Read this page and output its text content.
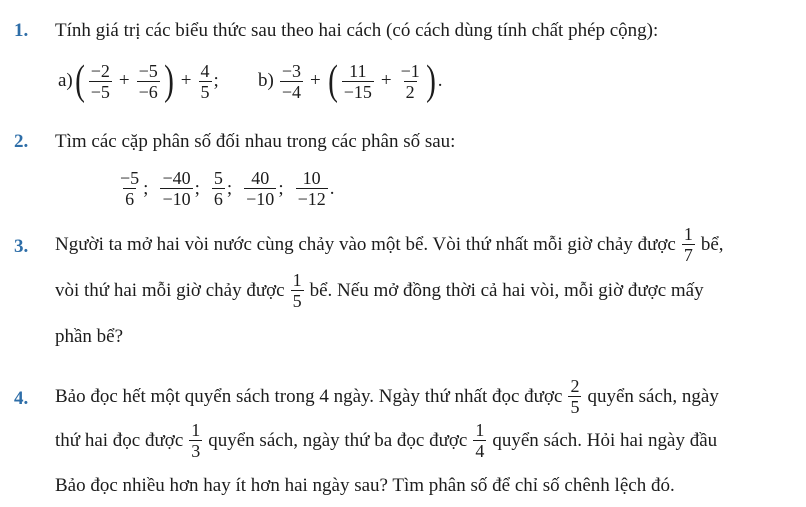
1. Tính giá trị các biểu thức sau theo hai cách (có cách dùng tính chất phép cộng):
a) ( $\frac{-2}{-5} + \frac{-5}{-6}$ ) + $\frac{4}{5}$ ; $b) \frac{-3}{-4}$ + ( $\frac{11}{-15} + \frac{-1}{2}$ ) .
2. Tìm các cặp phân số đối nhau trong các phân số sau:
$\frac{-5}{6}$ ; $\frac{-40}{-10}$ ; $\frac{5}{6}$ ; $\frac{40}{-10}$ ; $\frac{10}{-12}$ .
3. Người ta mở hai vòi nước cùng chảy vào một bể. Vòi thứ nhất mỗi giờ chảy được $\frac{1}{7}$ bể,
vòi thứ hai mỗi giờ chảy được $\frac{1}{5}$ bể. Nếu mở đồng thời cả hai vòi, mỗi giờ được mấy
phần bể?
4. Bảo đọc hết một quyển sách trong 4 ngày. Ngày thứ nhất đọc được $\frac{2}{5}$ quyển sách, ngày
thứ hai đọc được $\frac{1}{3}$ quyển sách, ngày thứ ba đọc được $\frac{1}{4}$ quyển sách. Hỏi hai ngày đầu
Bảo đọc nhiều hơn hay ít hơn hai ngày sau? Tìm phân số để chỉ số chênh lệch đó.
